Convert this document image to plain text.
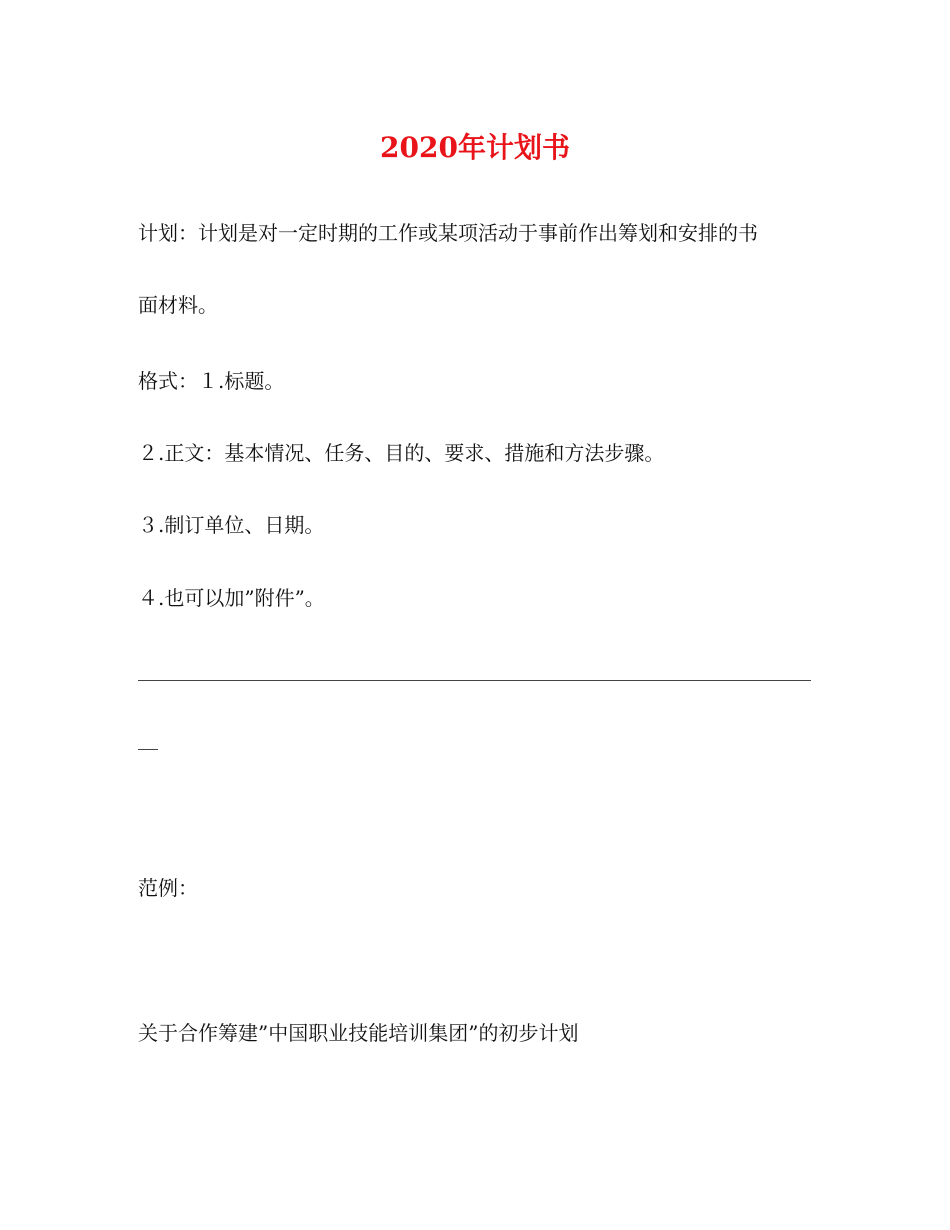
2020年计划书
计划：计划是对一定时期的工作或某项活动于事前作出筹划和安排的书
面材料。
格式：１.标题。
２.正文：基本情况、任务、目的、要求、措施和方法步骤。
３.制订单位、日期。
４.也可以加”附件”。
范例：
关于合作筹建”中国职业技能培训集团”的初步计划
